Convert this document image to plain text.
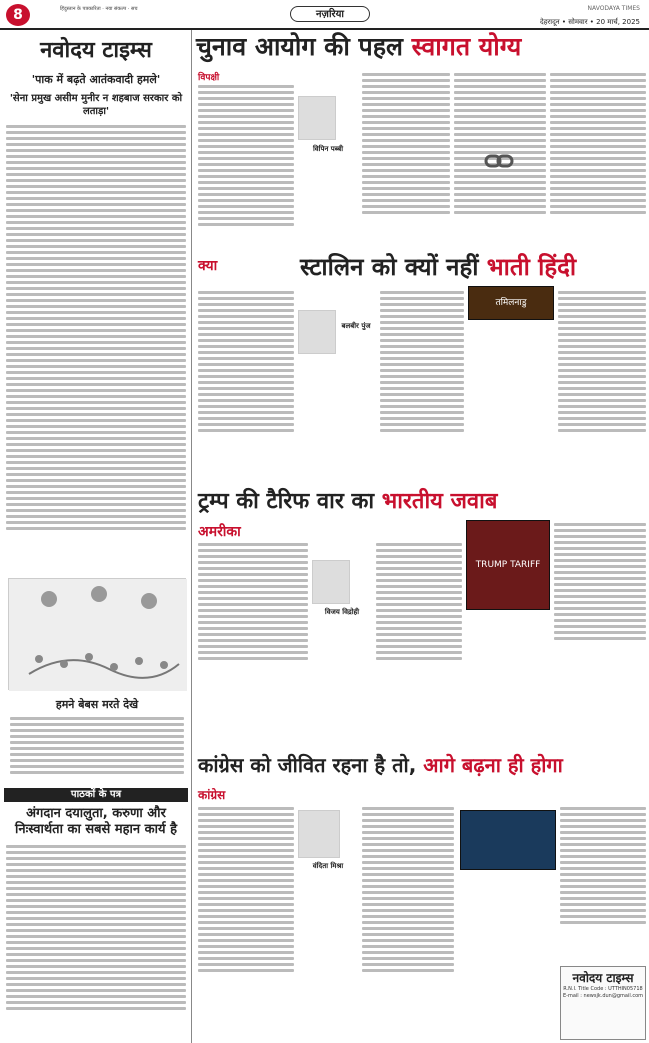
8	हिंदुस्तान के पत्रकारिता · नया संकल्प · सच	नज़रिया
NAVODAYA TIMES
देहरादून • सोमवार • 20 मार्च, 2025
नवोदय टाइम्स
'पाक में बढ़ते आतंकवादी हमले'
'सेना प्रमुख असीम मुनीर न शहबाज सरकार को लताड़ा'
हमने बेबस मरते देखे
पाठकों के पत्र
अंगदान दयालुता, करुणा और निःस्वार्थता का सबसे महान कार्य है
चुनाव आयोग की पहल स्वागत योग्य
विपक्षी
विपिन पब्बी
स्टालिन को क्यों नहीं भाती हिंदी
क्या
बलबीर पुंज
तमिलनाडु
ट्रम्प की टैरिफ वार का भारतीय जवाब
अमरीका
विजय विद्रोही
TRUMP TARIFF
कांग्रेस को जीवित रहना है तो, आगे बढ़ना ही होगा
कांग्रेस
वंदिता मिश्रा
नवोदय टाइम्स
R.N.I. Title Code : UTTHIN05718
E-mail : newsjk.dun@gmail.com
